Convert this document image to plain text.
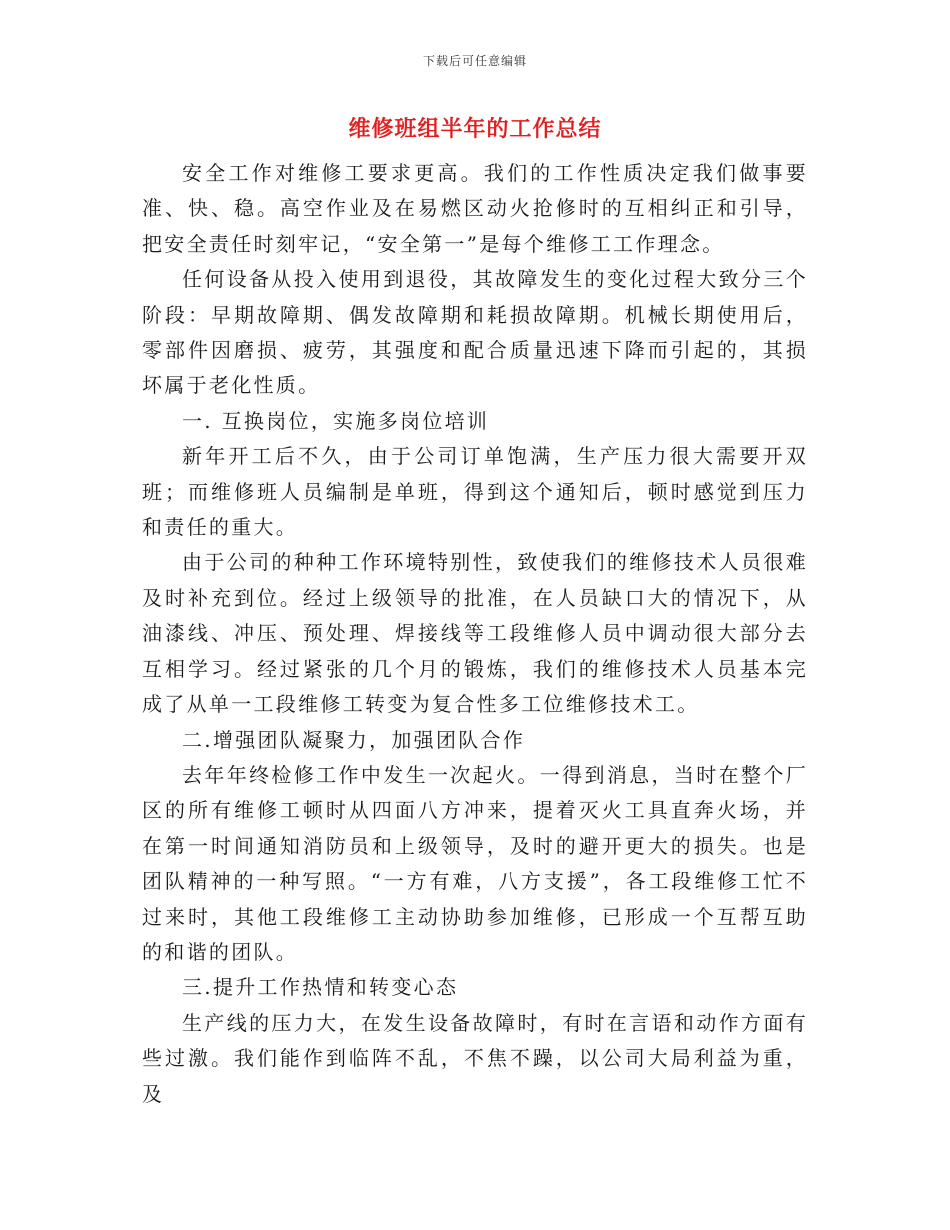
下载后可任意编辑
维修班组半年的工作总结

安全工作对维修工要求更高。我们的工作性质决定我们做事要准、快、稳。高空作业及在易燃区动火抢修时的互相纠正和引导，把安全责任时刻牢记，“安全第一”是每个维修工工作理念。

任何设备从投入使用到退役，其故障发生的变化过程大致分三个阶段：早期故障期、偶发故障期和耗损故障期。机械长期使用后，零部件因磨损、疲劳，其强度和配合质量迅速下降而引起的，其损坏属于老化性质。

一. 互换岗位，实施多岗位培训

新年开工后不久，由于公司订单饱满，生产压力很大需要开双班；而维修班人员编制是单班，得到这个通知后，顿时感觉到压力和责任的重大。

由于公司的种种工作环境特别性，致使我们的维修技术人员很难及时补充到位。经过上级领导的批准，在人员缺口大的情况下，从油漆线、冲压、预处理、焊接线等工段维修人员中调动很大部分去互相学习。经过紧张的几个月的锻炼，我们的维修技术人员基本完成了从单一工段维修工转变为复合性多工位维修技术工。

二.增强团队凝聚力，加强团队合作

去年年终检修工作中发生一次起火。一得到消息，当时在整个厂区的所有维修工顿时从四面八方冲来，提着灭火工具直奔火场，并在第一时间通知消防员和上级领导，及时的避开更大的损失。也是团队精神的一种写照。“一方有难，八方支援”，各工段维修工忙不过来时，其他工段维修工主动协助参加维修，已形成一个互帮互助的和谐的团队。

三.提升工作热情和转变心态

生产线的压力大，在发生设备故障时，有时在言语和动作方面有些过激。我们能作到临阵不乱，不焦不躁，以公司大局利益为重，及
